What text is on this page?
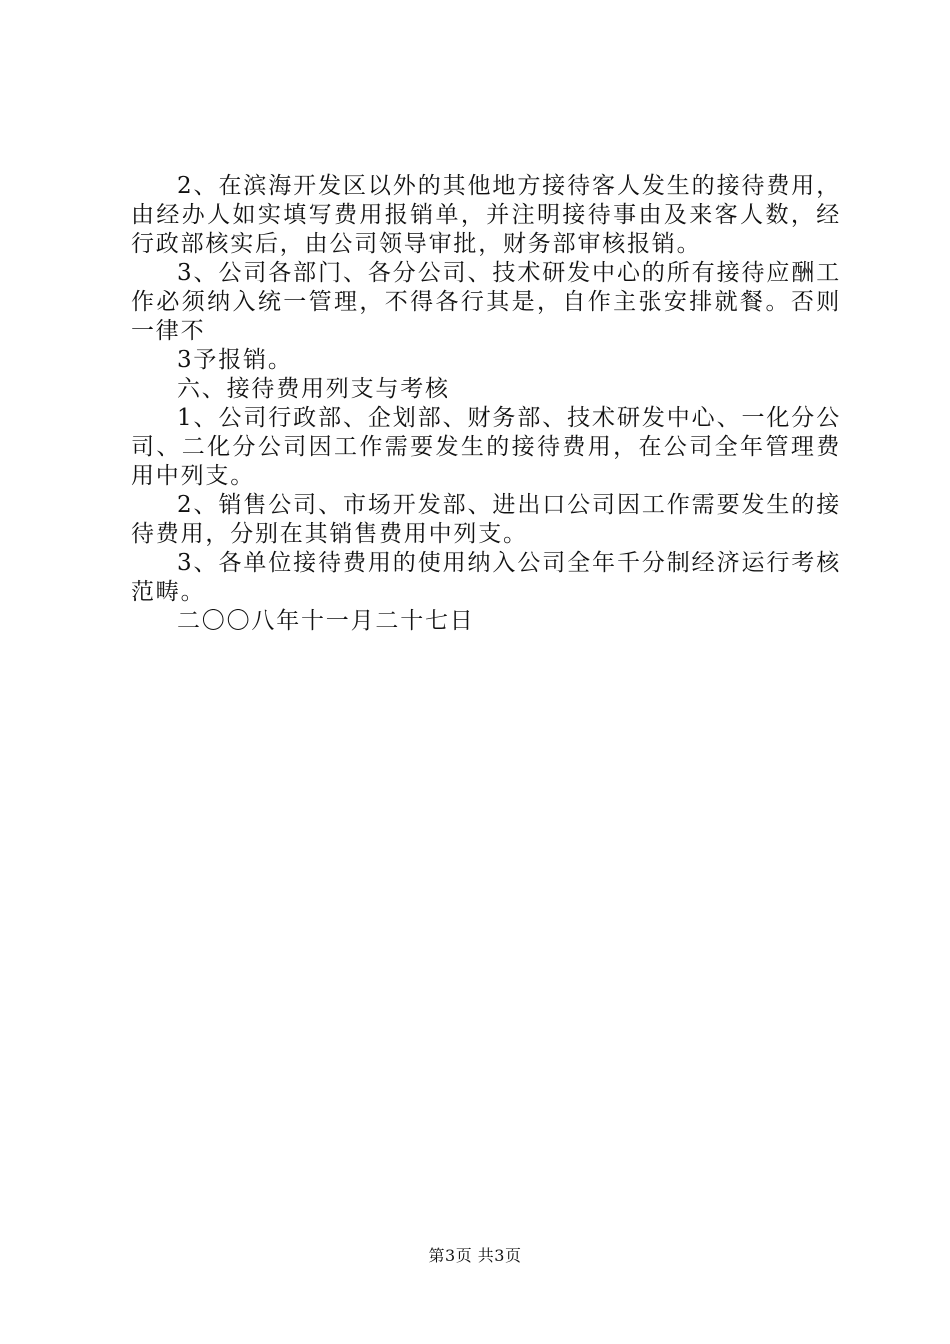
2、在滨海开发区以外的其他地方接待客人发生的接待费用，由经办人如实填写费用报销单，并注明接待事由及来客人数，经行政部核实后，由公司领导审批，财务部审核报销。

3、公司各部门、各分公司、技术研发中心的所有接待应酬工作必须纳入统一管理，不得各行其是，自作主张安排就餐。否则一律不

3予报销。

六、接待费用列支与考核

1、公司行政部、企划部、财务部、技术研发中心、一化分公司、二化分公司因工作需要发生的接待费用，在公司全年管理费用中列支。

2、销售公司、市场开发部、进出口公司因工作需要发生的接待费用，分别在其销售费用中列支。

3、各单位接待费用的使用纳入公司全年千分制经济运行考核范畴。

二〇〇八年十一月二十七日

第3页 共3页
